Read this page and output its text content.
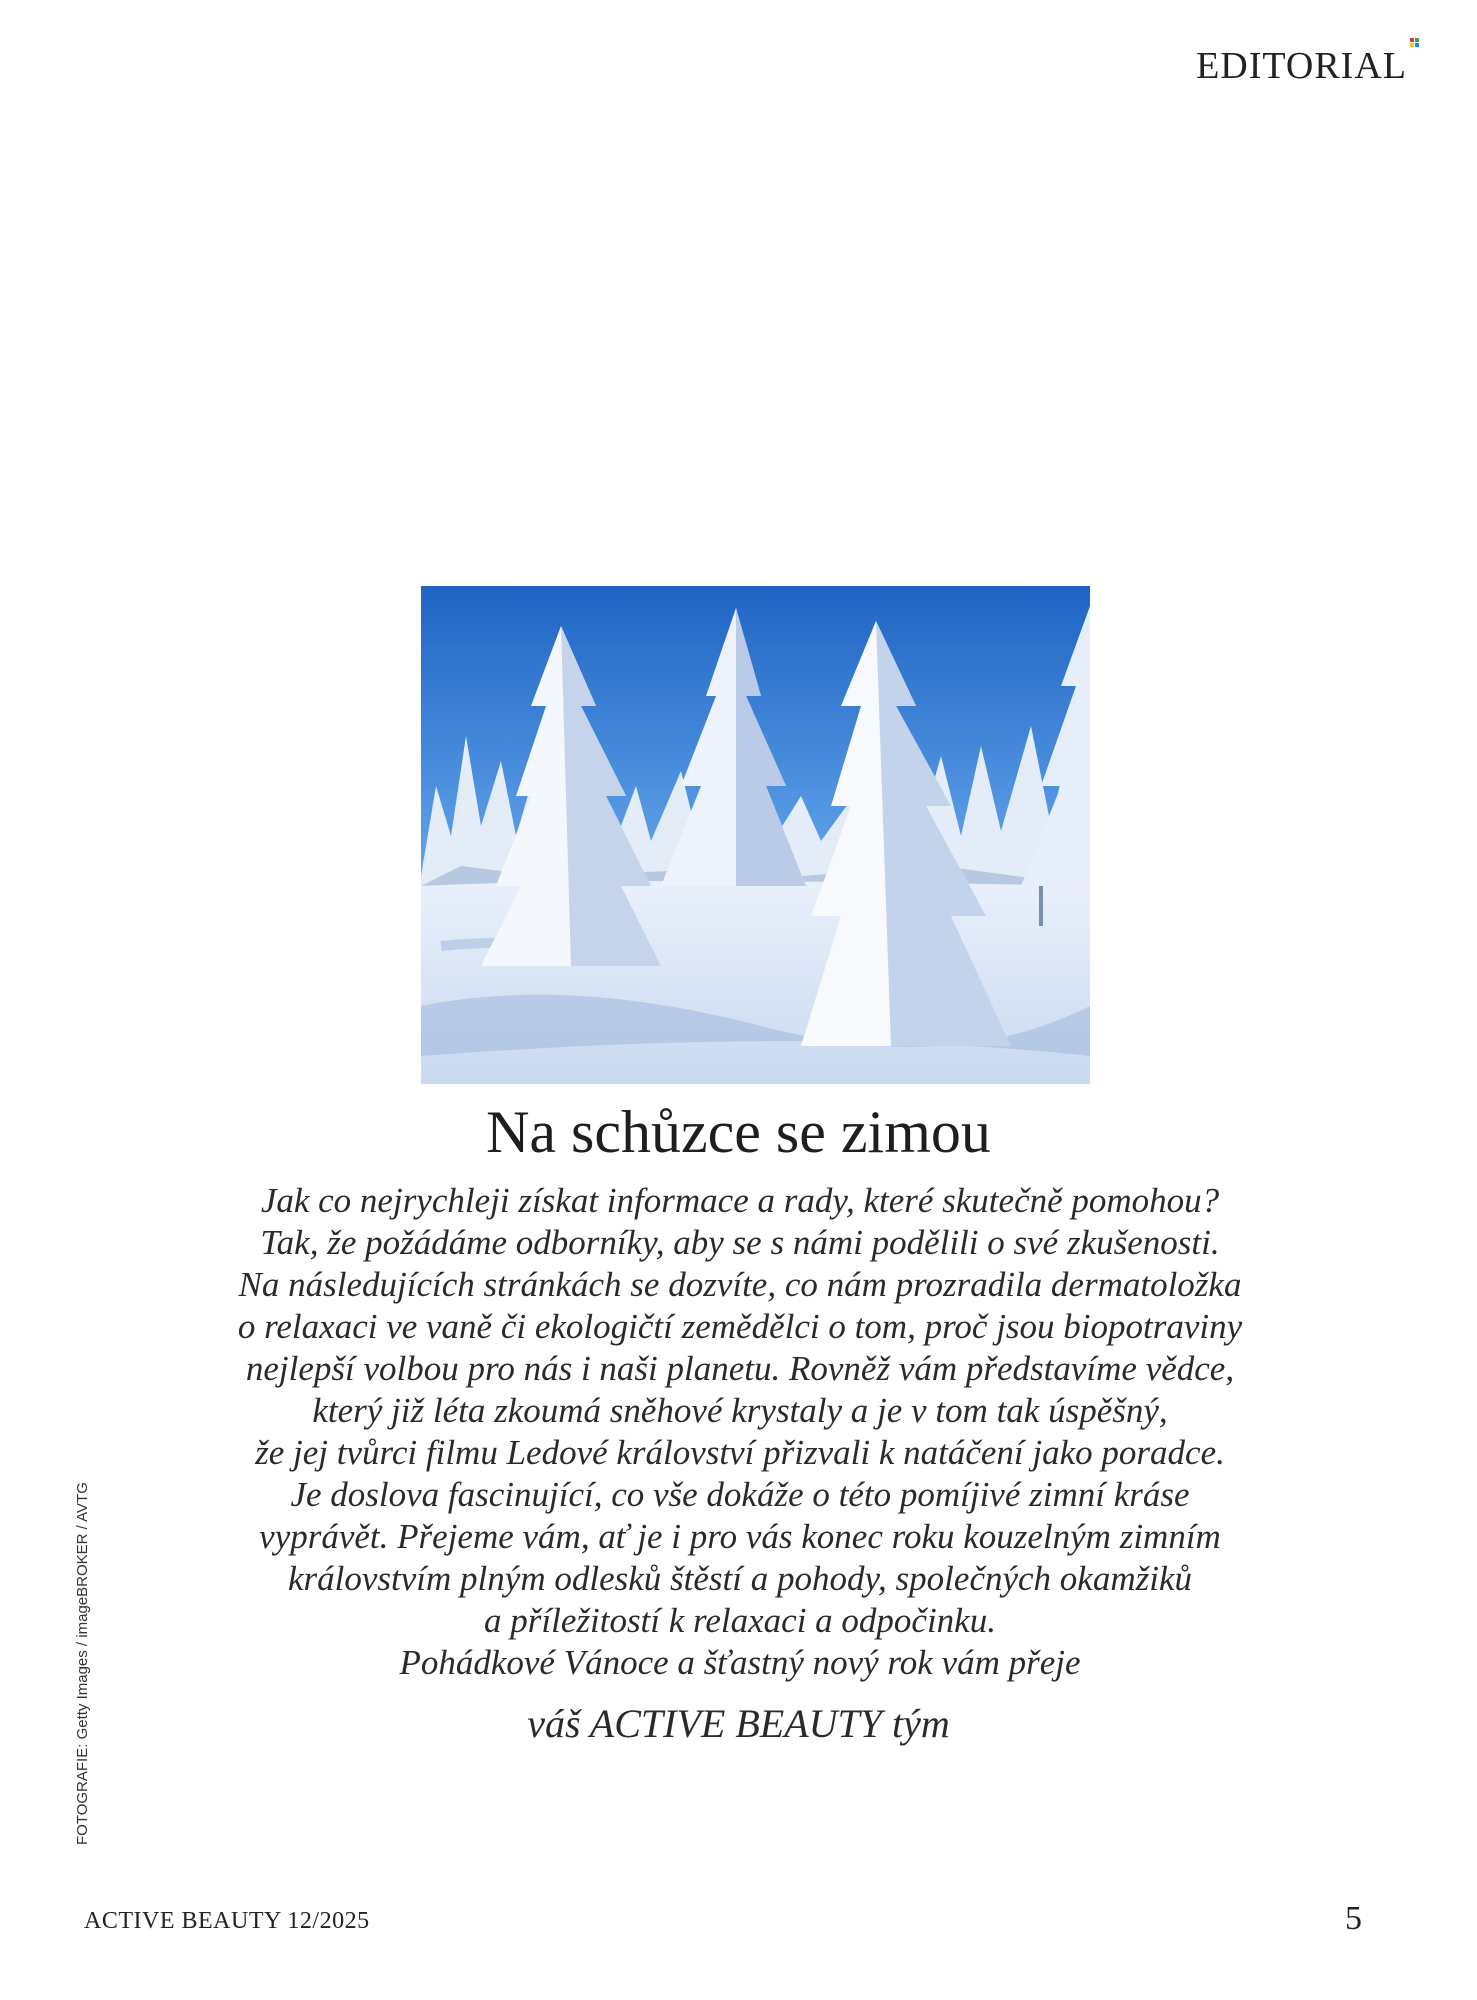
EDITORIAL
Na schůzce se zimou
Jak co nejrychleji získat informace a rady, které skutečně pomohou?
Tak, že požádáme odborníky, aby se s námi podělili o své zkušenosti.
Na následujících stránkách se dozvíte, co nám prozradila dermatoložka
o relaxaci ve vaně či ekologičtí zemědělci o tom, proč jsou biopotraviny
nejlepší volbou pro nás i naši planetu. Rovněž vám představíme vědce,
který již léta zkoumá sněhové krystaly a je v tom tak úspěšný,
že jej tvůrci filmu Ledové království přizvali k natáčení jako poradce.
Je doslova fascinující, co vše dokáže o této pomíjivé zimní kráse
vyprávět. Přejeme vám, ať je i pro vás konec roku kouzelným zimním
královstvím plným odlesků štěstí a pohody, společných okamžiků
a příležitostí k relaxaci a odpočinku.
Pohádkové Vánoce a šťastný nový rok vám přeje
váš ACTIVE BEAUTY tým
FOTOGRAFIE: Getty Images / imageBROKER / AVTG
ACTIVE BEAUTY 12/2025	5
